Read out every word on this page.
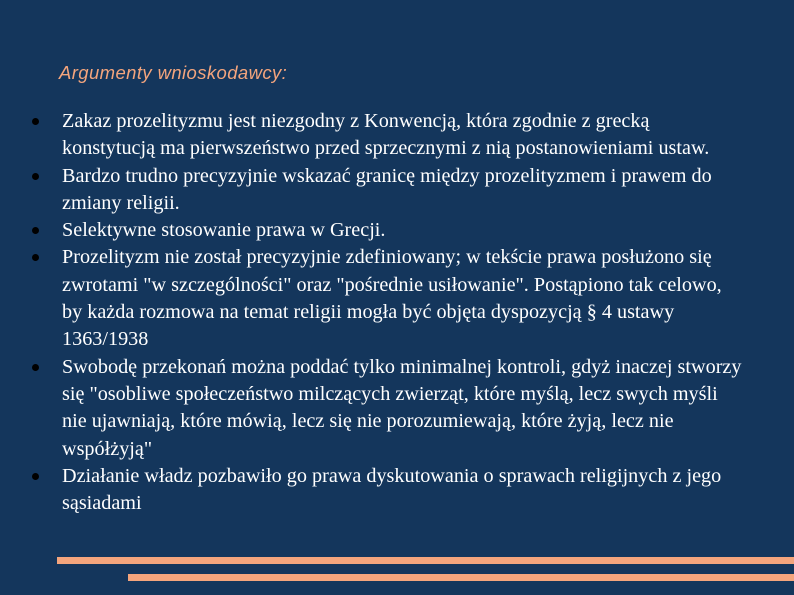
Argumenty wnioskodawcy:
Zakaz prozelityzmu jest niezgodny z Konwencją, która zgodnie z grecką konstytucją ma pierwszeństwo przed sprzecznymi z nią postanowieniami ustaw.
Bardzo trudno precyzyjnie wskazać granicę między prozelityzmem i prawem do zmiany religii.
Selektywne stosowanie prawa w Grecji.
Prozelityzm nie został precyzyjnie zdefiniowany; w tekście prawa posłużono się zwrotami "w szczególności" oraz "pośrednie usiłowanie". Postąpiono tak celowo, by każda rozmowa na temat religii mogła być objęta dyspozycją § 4 ustawy 1363/1938
Swobodę przekonań można poddać tylko minimalnej kontroli, gdyż inaczej stworzy się "osobliwe społeczeństwo milczących zwierząt, które myślą, lecz swych myśli nie ujawniają, które mówią, lecz się nie porozumiewają, które żyją, lecz nie współżyją"
Działanie władz pozbawiło go prawa dyskutowania o sprawach religijnych z jego sąsiadami
